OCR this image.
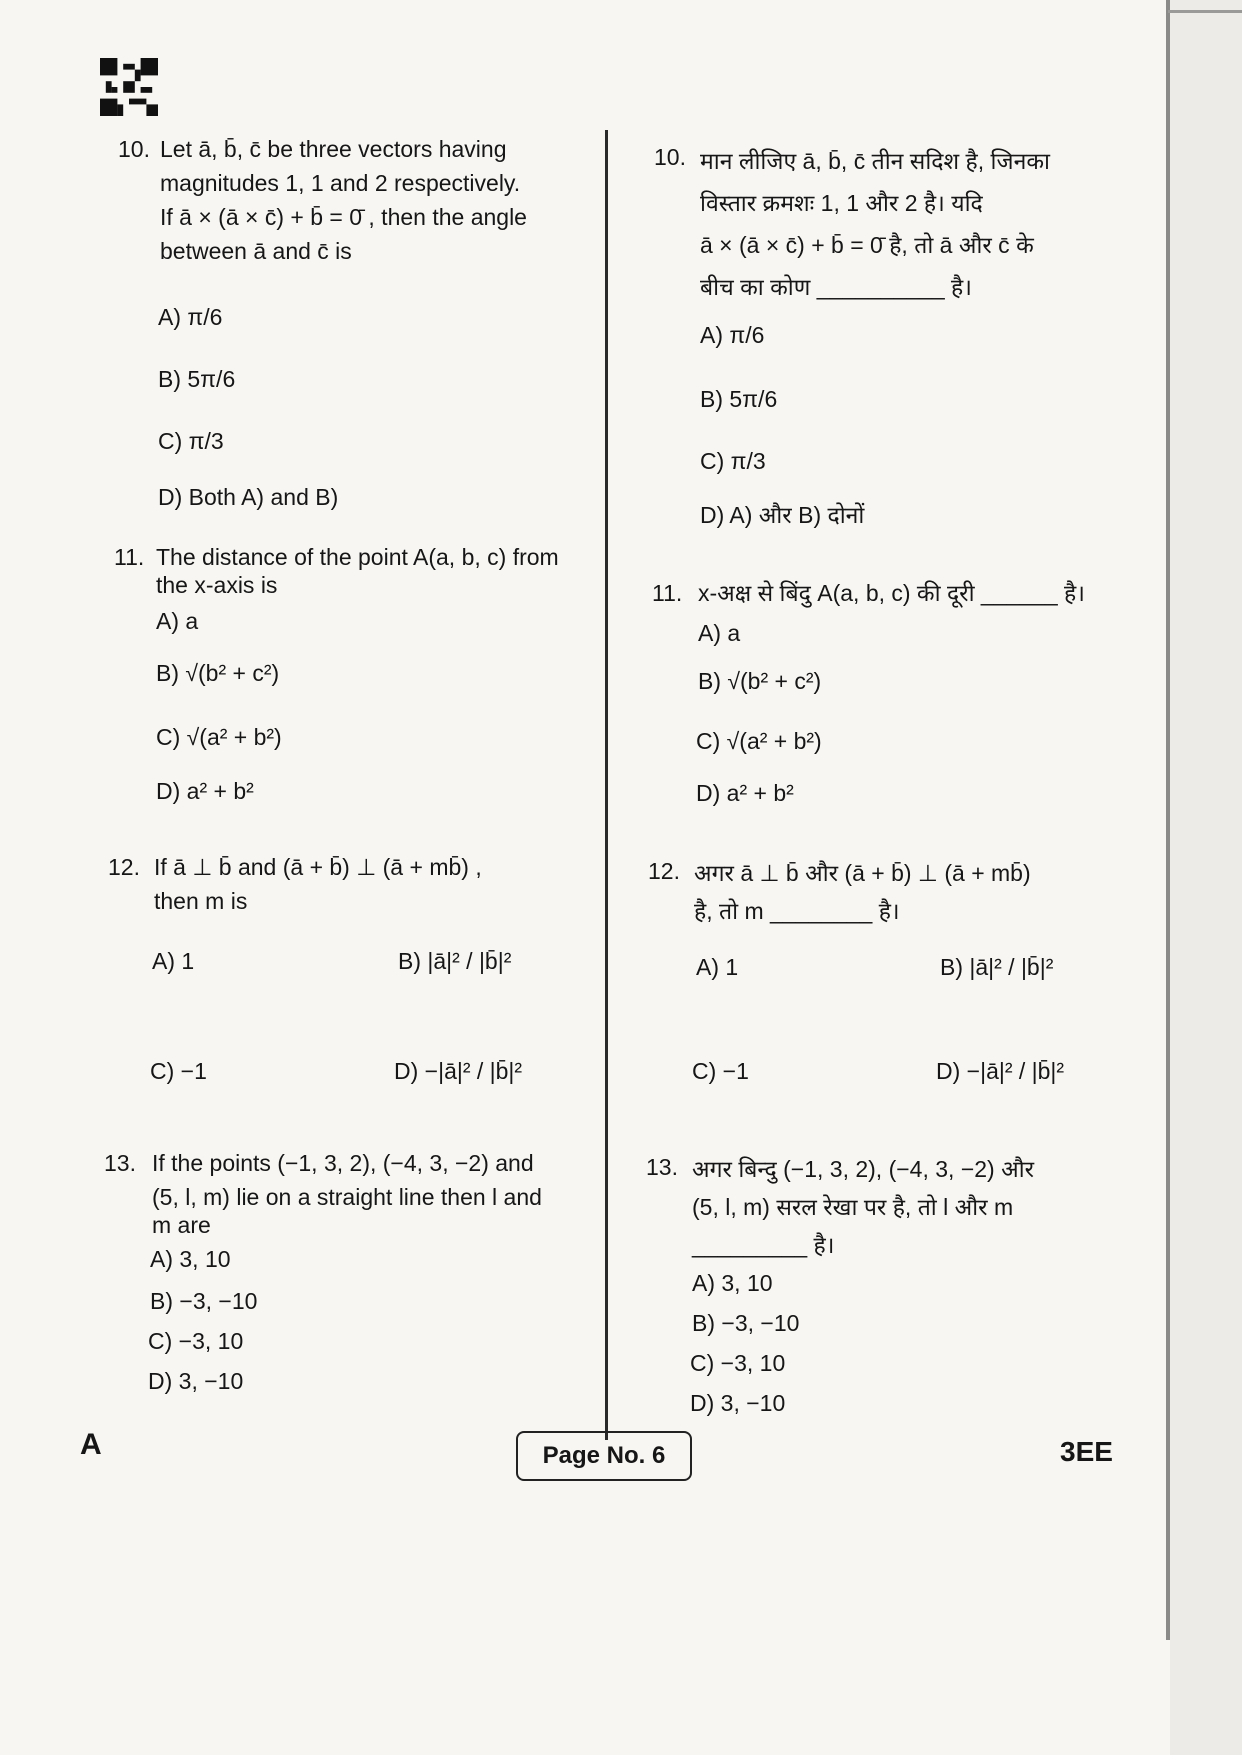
10. Let ā, b̄, c̄ be three vectors having
magnitudes 1, 1 and 2 respectively.
If ā × (ā × c̄) + b̄ = 0̄ , then the angle
between ā and c̄ is
A) π/6
B) 5π/6
C) π/3
D) Both A) and B)
11. The distance of the point A(a, b, c) from
the x-axis is
A) a
B) √(b² + c²)
C) √(a² + b²)
D) a² + b²
12. If ā ⊥ b̄ and (ā + b̄) ⊥ (ā + mb̄) ,
then m is
A) 1	B) |ā|² / |b̄|²
C) −1	D) −|ā|² / |b̄|²
13. If the points (−1, 3, 2), (−4, 3, −2) and
(5, l, m) lie on a straight line then l and
m are
A) 3, 10
B) −3, −10
C) −3, 10
D) 3, −10
10. मान लीजिए ā, b̄, c̄ तीन सदिश है, जिनका
विस्तार क्रमशः 1, 1 और 2 है। यदि
ā × (ā × c̄) + b̄ = 0̄ है, तो ā और c̄ के
बीच का कोण __________ है।
A) π/6
B) 5π/6
C) π/3
D) A) और B) दोनों
11. x-अक्ष से बिंदु A(a, b, c) की दूरी ______ है।
A) a
B) √(b² + c²)
C) √(a² + b²)
D) a² + b²
12. अगर ā ⊥ b̄ और (ā + b̄) ⊥ (ā + mb̄)
है, तो m ________ है।
A) 1	B) |ā|² / |b̄|²
C) −1	D) −|ā|² / |b̄|²
13. अगर बिन्दु (−1, 3, 2), (−4, 3, −2) और
(5, l, m) सरल रेखा पर है, तो l और m
_________ है।
A) 3, 10
B) −3, −10
C) −3, 10
D) 3, −10
A	Page No. 6	3EE
